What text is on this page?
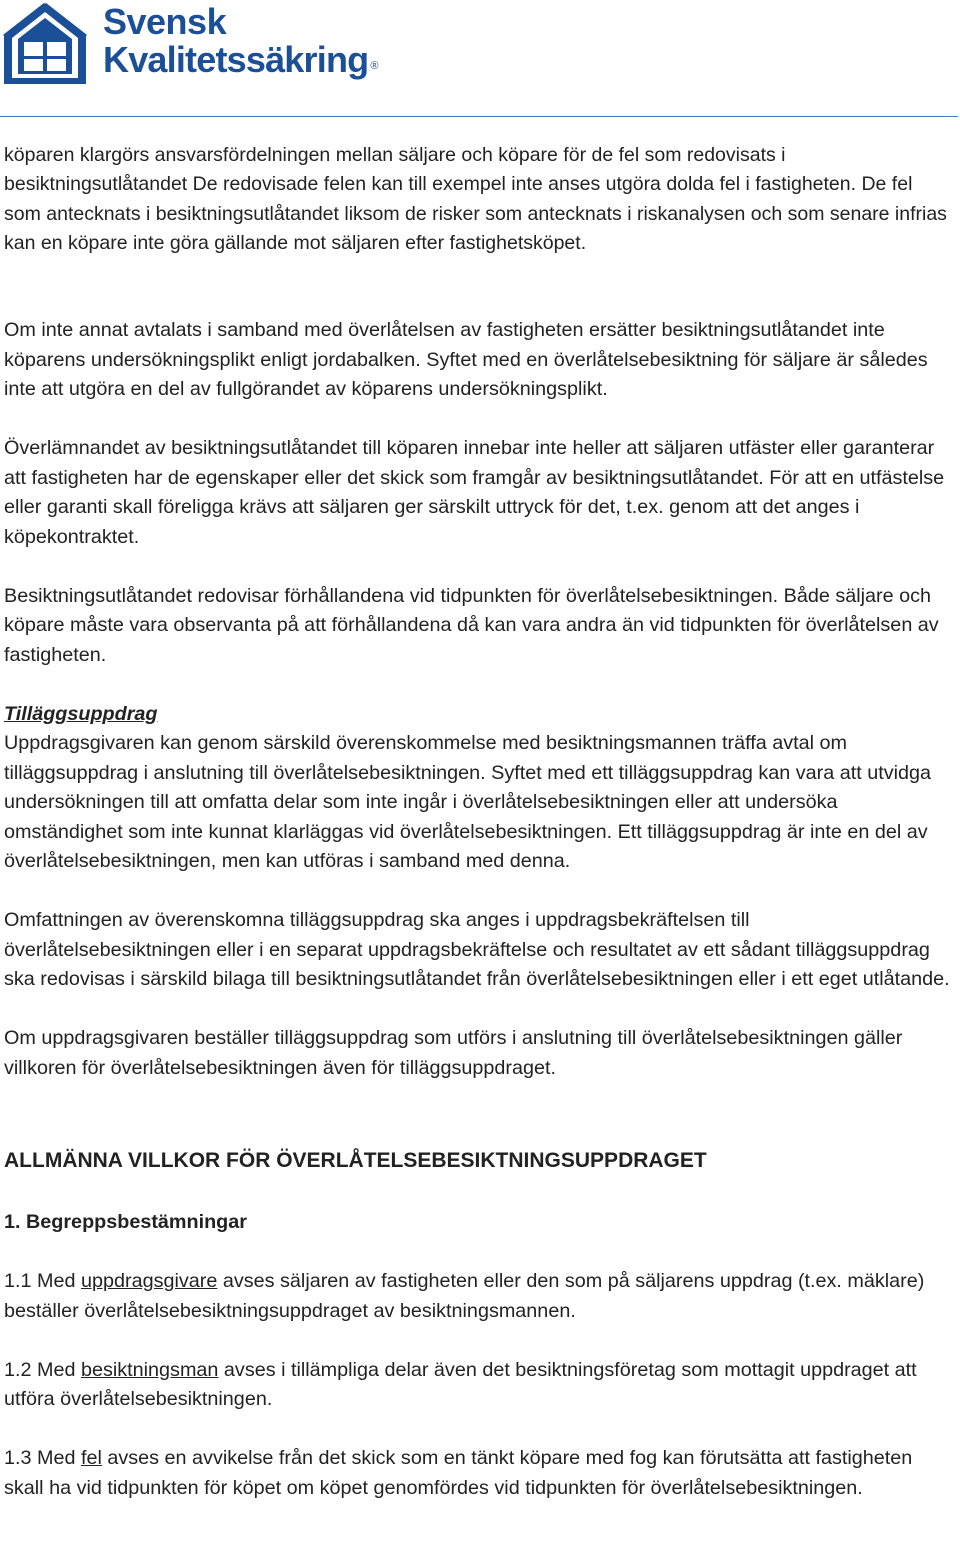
Svensk
Kvalitetssäkring ®

köparen klargörs ansvarsfördelningen mellan säljare och köpare för de fel som redovisats i besiktningsutlåtandet De redovisade felen kan till exempel inte anses utgöra dolda fel i fastigheten. De fel som antecknats i besiktningsutlåtandet liksom de risker som antecknats i riskanalysen och som senare infrias kan en köpare inte göra gällande mot säljaren efter fastighetsköpet.

Om inte annat avtalats i samband med överlåtelsen av fastigheten ersätter besiktningsutlåtandet inte köparens undersökningsplikt enligt jordabalken. Syftet med en överlåtelsebesiktning för säljare är således inte att utgöra en del av fullgörandet av köparens undersökningsplikt.

Överlämnandet av besiktningsutlåtandet till köparen innebar inte heller att säljaren utfäster eller garanterar att fastigheten har de egenskaper eller det skick som framgår av besiktningsutlåtandet. För att en utfästelse eller garanti skall föreligga krävs att säljaren ger särskilt uttryck för det, t.ex. genom att det anges i köpekontraktet.

Besiktningsutlåtandet redovisar förhållandena vid tidpunkten för överlåtelsebesiktningen. Både säljare och köpare måste vara observanta på att förhållandena då kan vara andra än vid tidpunkten för överlåtelsen av fastigheten.

Tilläggsuppdrag

Uppdragsgivaren kan genom särskild överenskommelse med besiktningsmannen träffa avtal om tilläggsuppdrag i anslutning till överlåtelsebesiktningen. Syftet med ett tilläggsuppdrag kan vara att utvidga undersökningen till att omfatta delar som inte ingår i överlåtelsebesiktningen eller att undersöka omständighet som inte kunnat klarläggas vid överlåtelsebesiktningen. Ett tilläggsuppdrag är inte en del av överlåtelsebesiktningen, men kan utföras i samband med denna.

Omfattningen av överenskomna tilläggsuppdrag ska anges i uppdragsbekräftelsen till överlåtelsebesiktningen eller i en separat uppdragsbekräftelse och resultatet av ett sådant tilläggsuppdrag ska redovisas i särskild bilaga till besiktningsutlåtandet från överlåtelsebesiktningen eller i ett eget utlåtande.

Om uppdragsgivaren beställer tilläggsuppdrag som utförs i anslutning till överlåtelsebesiktningen gäller villkoren för överlåtelsebesiktningen även för tilläggsuppdraget.

ALLMÄNNA VILLKOR FÖR ÖVERLÅTELSEBESIKTNINGSUPPDRAGET

1. Begreppsbestämningar

1.1 Med uppdragsgivare avses säljaren av fastigheten eller den som på säljarens uppdrag (t.ex. mäklare) beställer överlåtelsebesiktningsuppdraget av besiktningsmannen.

1.2 Med besiktningsman avses i tillämpliga delar även det besiktningsföretag som mottagit uppdraget att utföra överlåtelsebesiktningen.

1.3 Med fel avses en avvikelse från det skick som en tänkt köpare med fog kan förutsätta att fastigheten skall ha vid tidpunkten för köpet om köpet genomfördes vid tidpunkten för överlåtelsebesiktningen.
